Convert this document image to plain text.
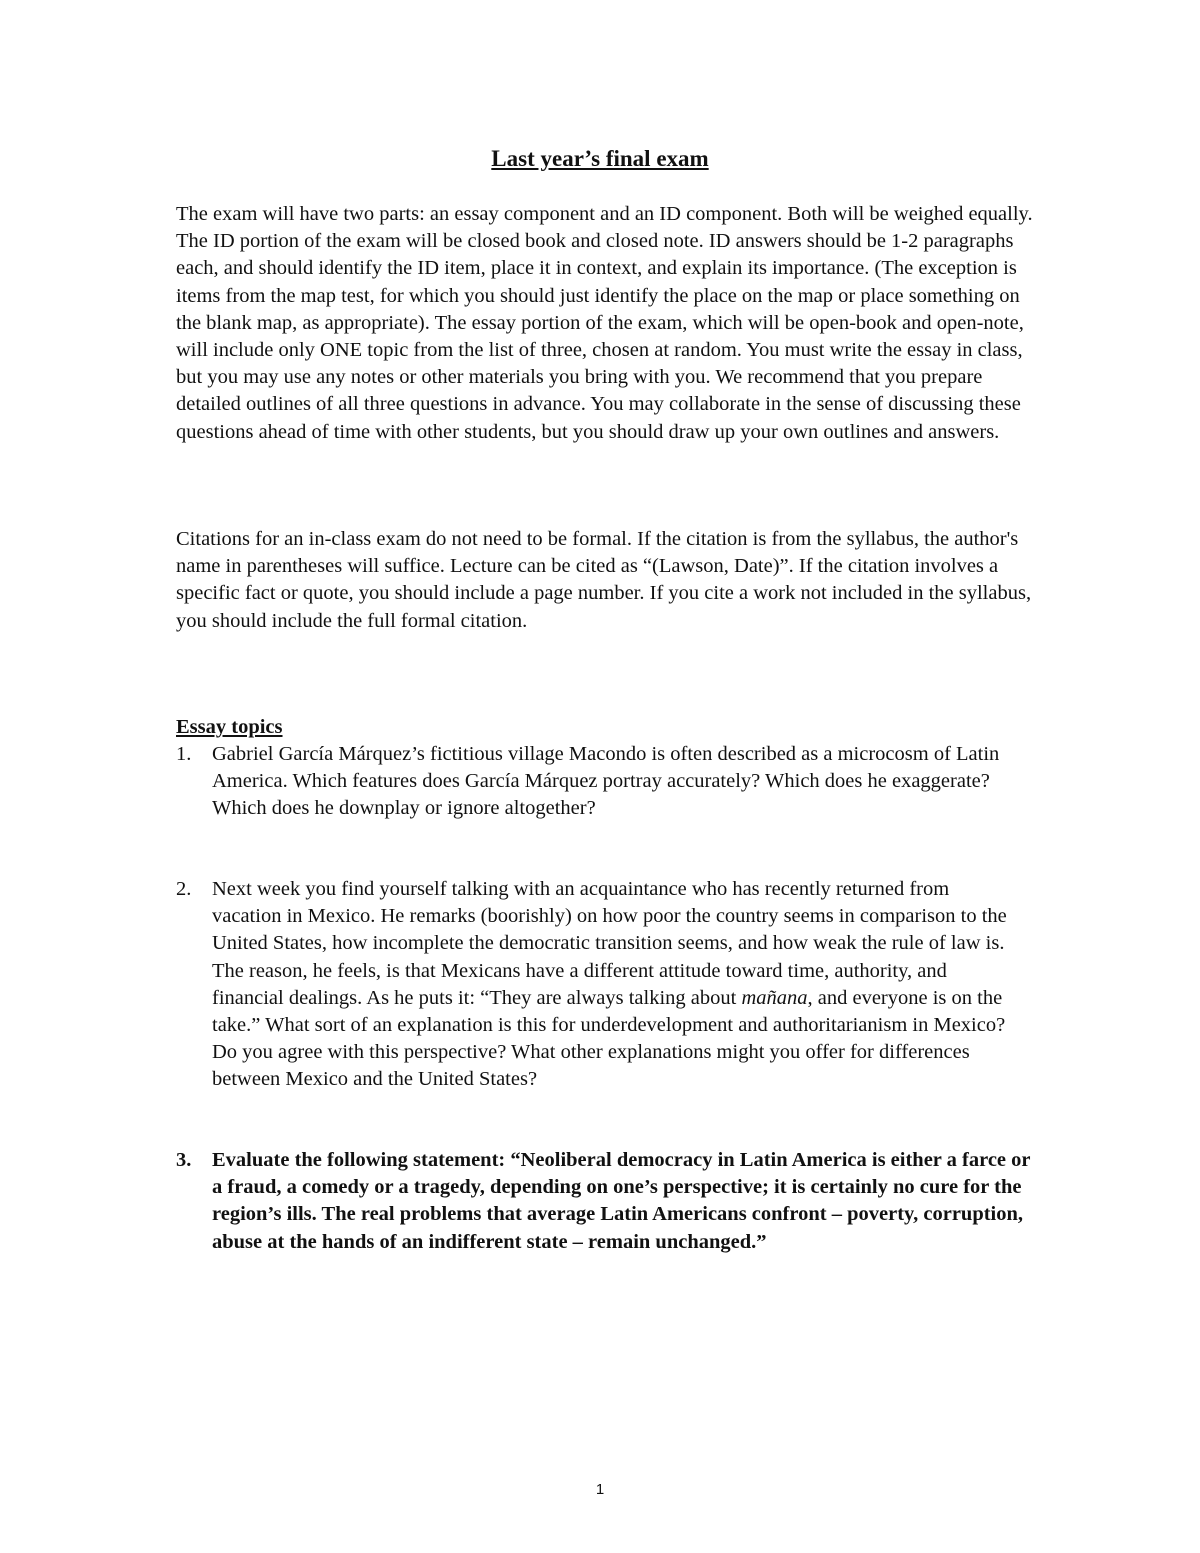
Last year’s final exam
The exam will have two parts: an essay component and an ID component. Both will be weighed equally. The ID portion of the exam will be closed book and closed note. ID answers should be 1-2 paragraphs each, and should identify the ID item, place it in context, and explain its importance. (The exception is items from the map test, for which you should just identify the place on the map or place something on the blank map, as appropriate). The essay portion of the exam, which will be open-book and open-note, will include only ONE topic from the list of three, chosen at random. You must write the essay in class, but you may use any notes or other materials you bring with you. We recommend that you prepare detailed outlines of all three questions in advance. You may collaborate in the sense of discussing these questions ahead of time with other students, but you should draw up your own outlines and answers.
Citations for an in-class exam do not need to be formal. If the citation is from the syllabus, the author's name in parentheses will suffice. Lecture can be cited as “(Lawson, Date)”. If the citation involves a specific fact or quote, you should include a page number. If you cite a work not included in the syllabus, you should include the full formal citation.
Essay topics
1.	Gabriel García Márquez’s fictitious village Macondo is often described as a microcosm of Latin America. Which features does García Márquez portray accurately? Which does he exaggerate? Which does he downplay or ignore altogether?
2.	Next week you find yourself talking with an acquaintance who has recently returned from vacation in Mexico. He remarks (boorishly) on how poor the country seems in comparison to the United States, how incomplete the democratic transition seems, and how weak the rule of law is. The reason, he feels, is that Mexicans have a different attitude toward time, authority, and financial dealings. As he puts it: “They are always talking about mañana, and everyone is on the take.” What sort of an explanation is this for underdevelopment and authoritarianism in Mexico? Do you agree with this perspective? What other explanations might you offer for differences between Mexico and the United States?
3.	Evaluate the following statement: “Neoliberal democracy in Latin America is either a farce or a fraud, a comedy or a tragedy, depending on one’s perspective; it is certainly no cure for the region’s ills. The real problems that average Latin Americans confront – poverty, corruption, abuse at the hands of an indifferent state – remain unchanged.”
1
